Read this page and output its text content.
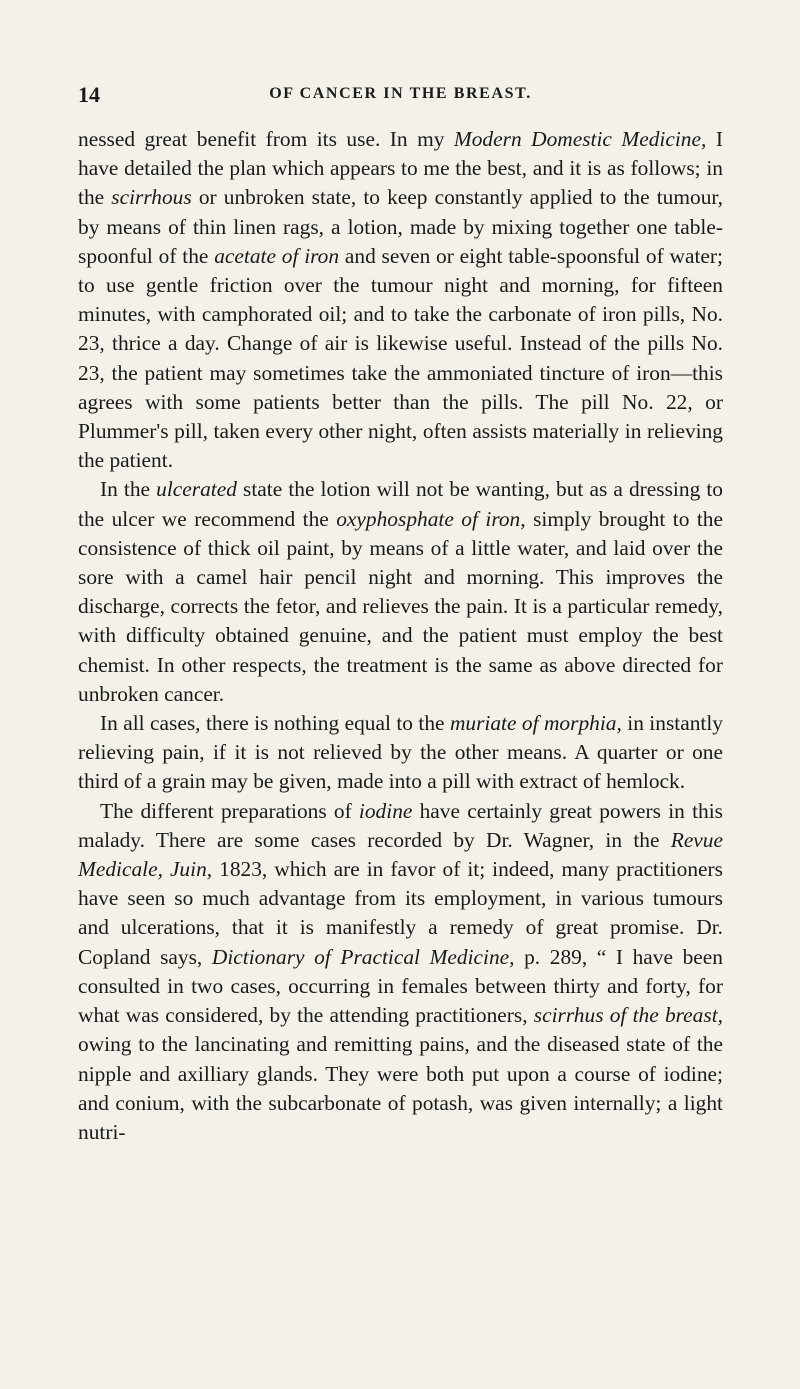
14	OF CANCER IN THE BREAST.

nessed great benefit from its use. In my Modern Domestic Medicine, I have detailed the plan which appears to me the best, and it is as follows; in the scirrhous or unbroken state, to keep constantly applied to the tumour, by means of thin linen rags, a lotion, made by mixing together one table-spoonful of the acetate of iron and seven or eight table-spoonsful of water; to use gentle friction over the tumour night and morning, for fifteen minutes, with camphorated oil; and to take the carbonate of iron pills, No. 23, thrice a day. Change of air is likewise useful. Instead of the pills No. 23, the patient may sometimes take the ammoniated tincture of iron—this agrees with some patients better than the pills. The pill No. 22, or Plummer's pill, taken every other night, often assists materially in relieving the patient.

In the ulcerated state the lotion will not be wanting, but as a dressing to the ulcer we recommend the oxyphosphate of iron, simply brought to the consistence of thick oil paint, by means of a little water, and laid over the sore with a camel hair pencil night and morning. This improves the discharge, corrects the fetor, and relieves the pain. It is a particular remedy, with difficulty obtained genuine, and the patient must employ the best chemist. In other respects, the treatment is the same as above directed for unbroken cancer.

In all cases, there is nothing equal to the muriate of morphia, in instantly relieving pain, if it is not relieved by the other means. A quarter or one third of a grain may be given, made into a pill with extract of hemlock.

The different preparations of iodine have certainly great powers in this malady. There are some cases recorded by Dr. Wagner, in the Revue Medicale, Juin, 1823, which are in favor of it; indeed, many practitioners have seen so much advantage from its employment, in various tumours and ulcerations, that it is manifestly a remedy of great promise. Dr. Copland says, Dictionary of Practical Medicine, p. 289, “ I have been consulted in two cases, occurring in females between thirty and forty, for what was considered, by the attending practitioners, scirrhus of the breast, owing to the lancinating and remitting pains, and the diseased state of the nipple and axilliary glands. They were both put upon a course of iodine; and conium, with the subcarbonate of potash, was given internally; a light nutri-
